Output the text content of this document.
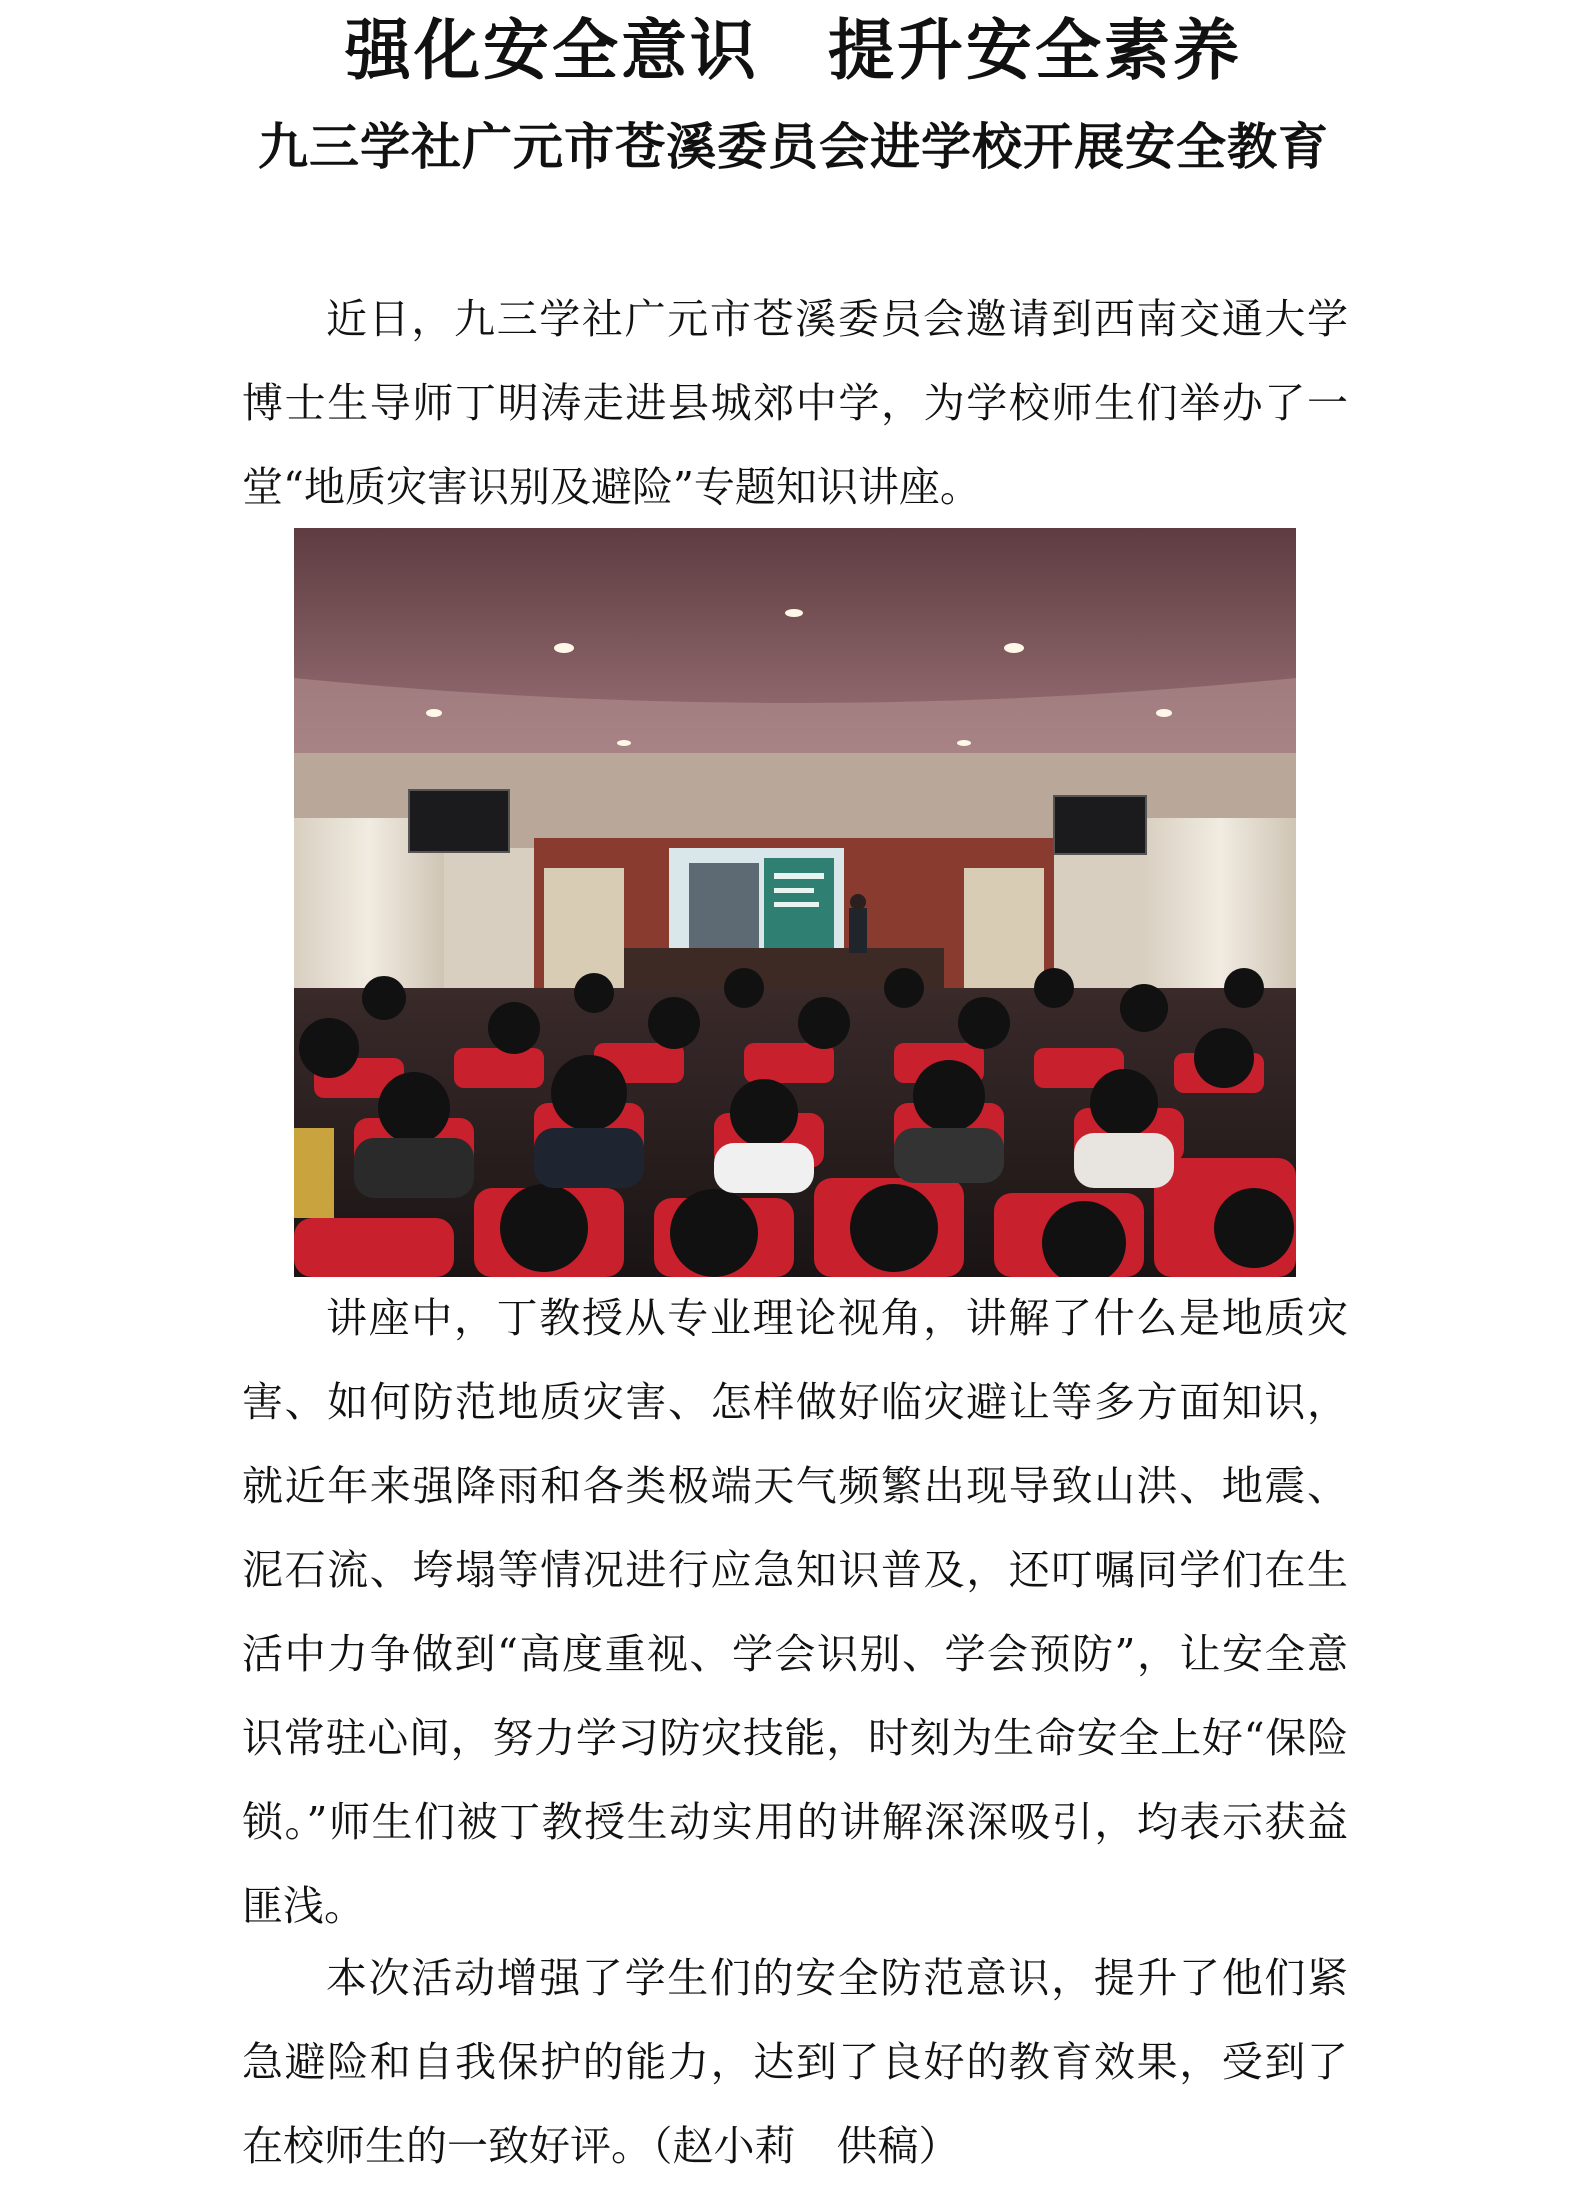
强化安全意识　提升安全素养
九三学社广元市苍溪委员会进学校开展安全教育

近日，九三学社广元市苍溪委员会邀请到西南交通大学博士生导师丁明涛走进县城郊中学，为学校师生们举办了一堂“地质灾害识别及避险”专题知识讲座。

讲座中，丁教授从专业理论视角，讲解了什么是地质灾害、如何防范地质灾害、怎样做好临灾避让等多方面知识，就近年来强降雨和各类极端天气频繁出现导致山洪、地震、泥石流、垮塌等情况进行应急知识普及，还叮嘱同学们在生活中力争做到“高度重视、学会识别、学会预防”，让安全意识常驻心间，努力学习防灾技能，时刻为生命安全上好“保险锁。”师生们被丁教授生动实用的讲解深深吸引，均表示获益匪浅。

本次活动增强了学生们的安全防范意识，提升了他们紧急避险和自我保护的能力，达到了良好的教育效果，受到了在校师生的一致好评。（赵小莉　供稿）
